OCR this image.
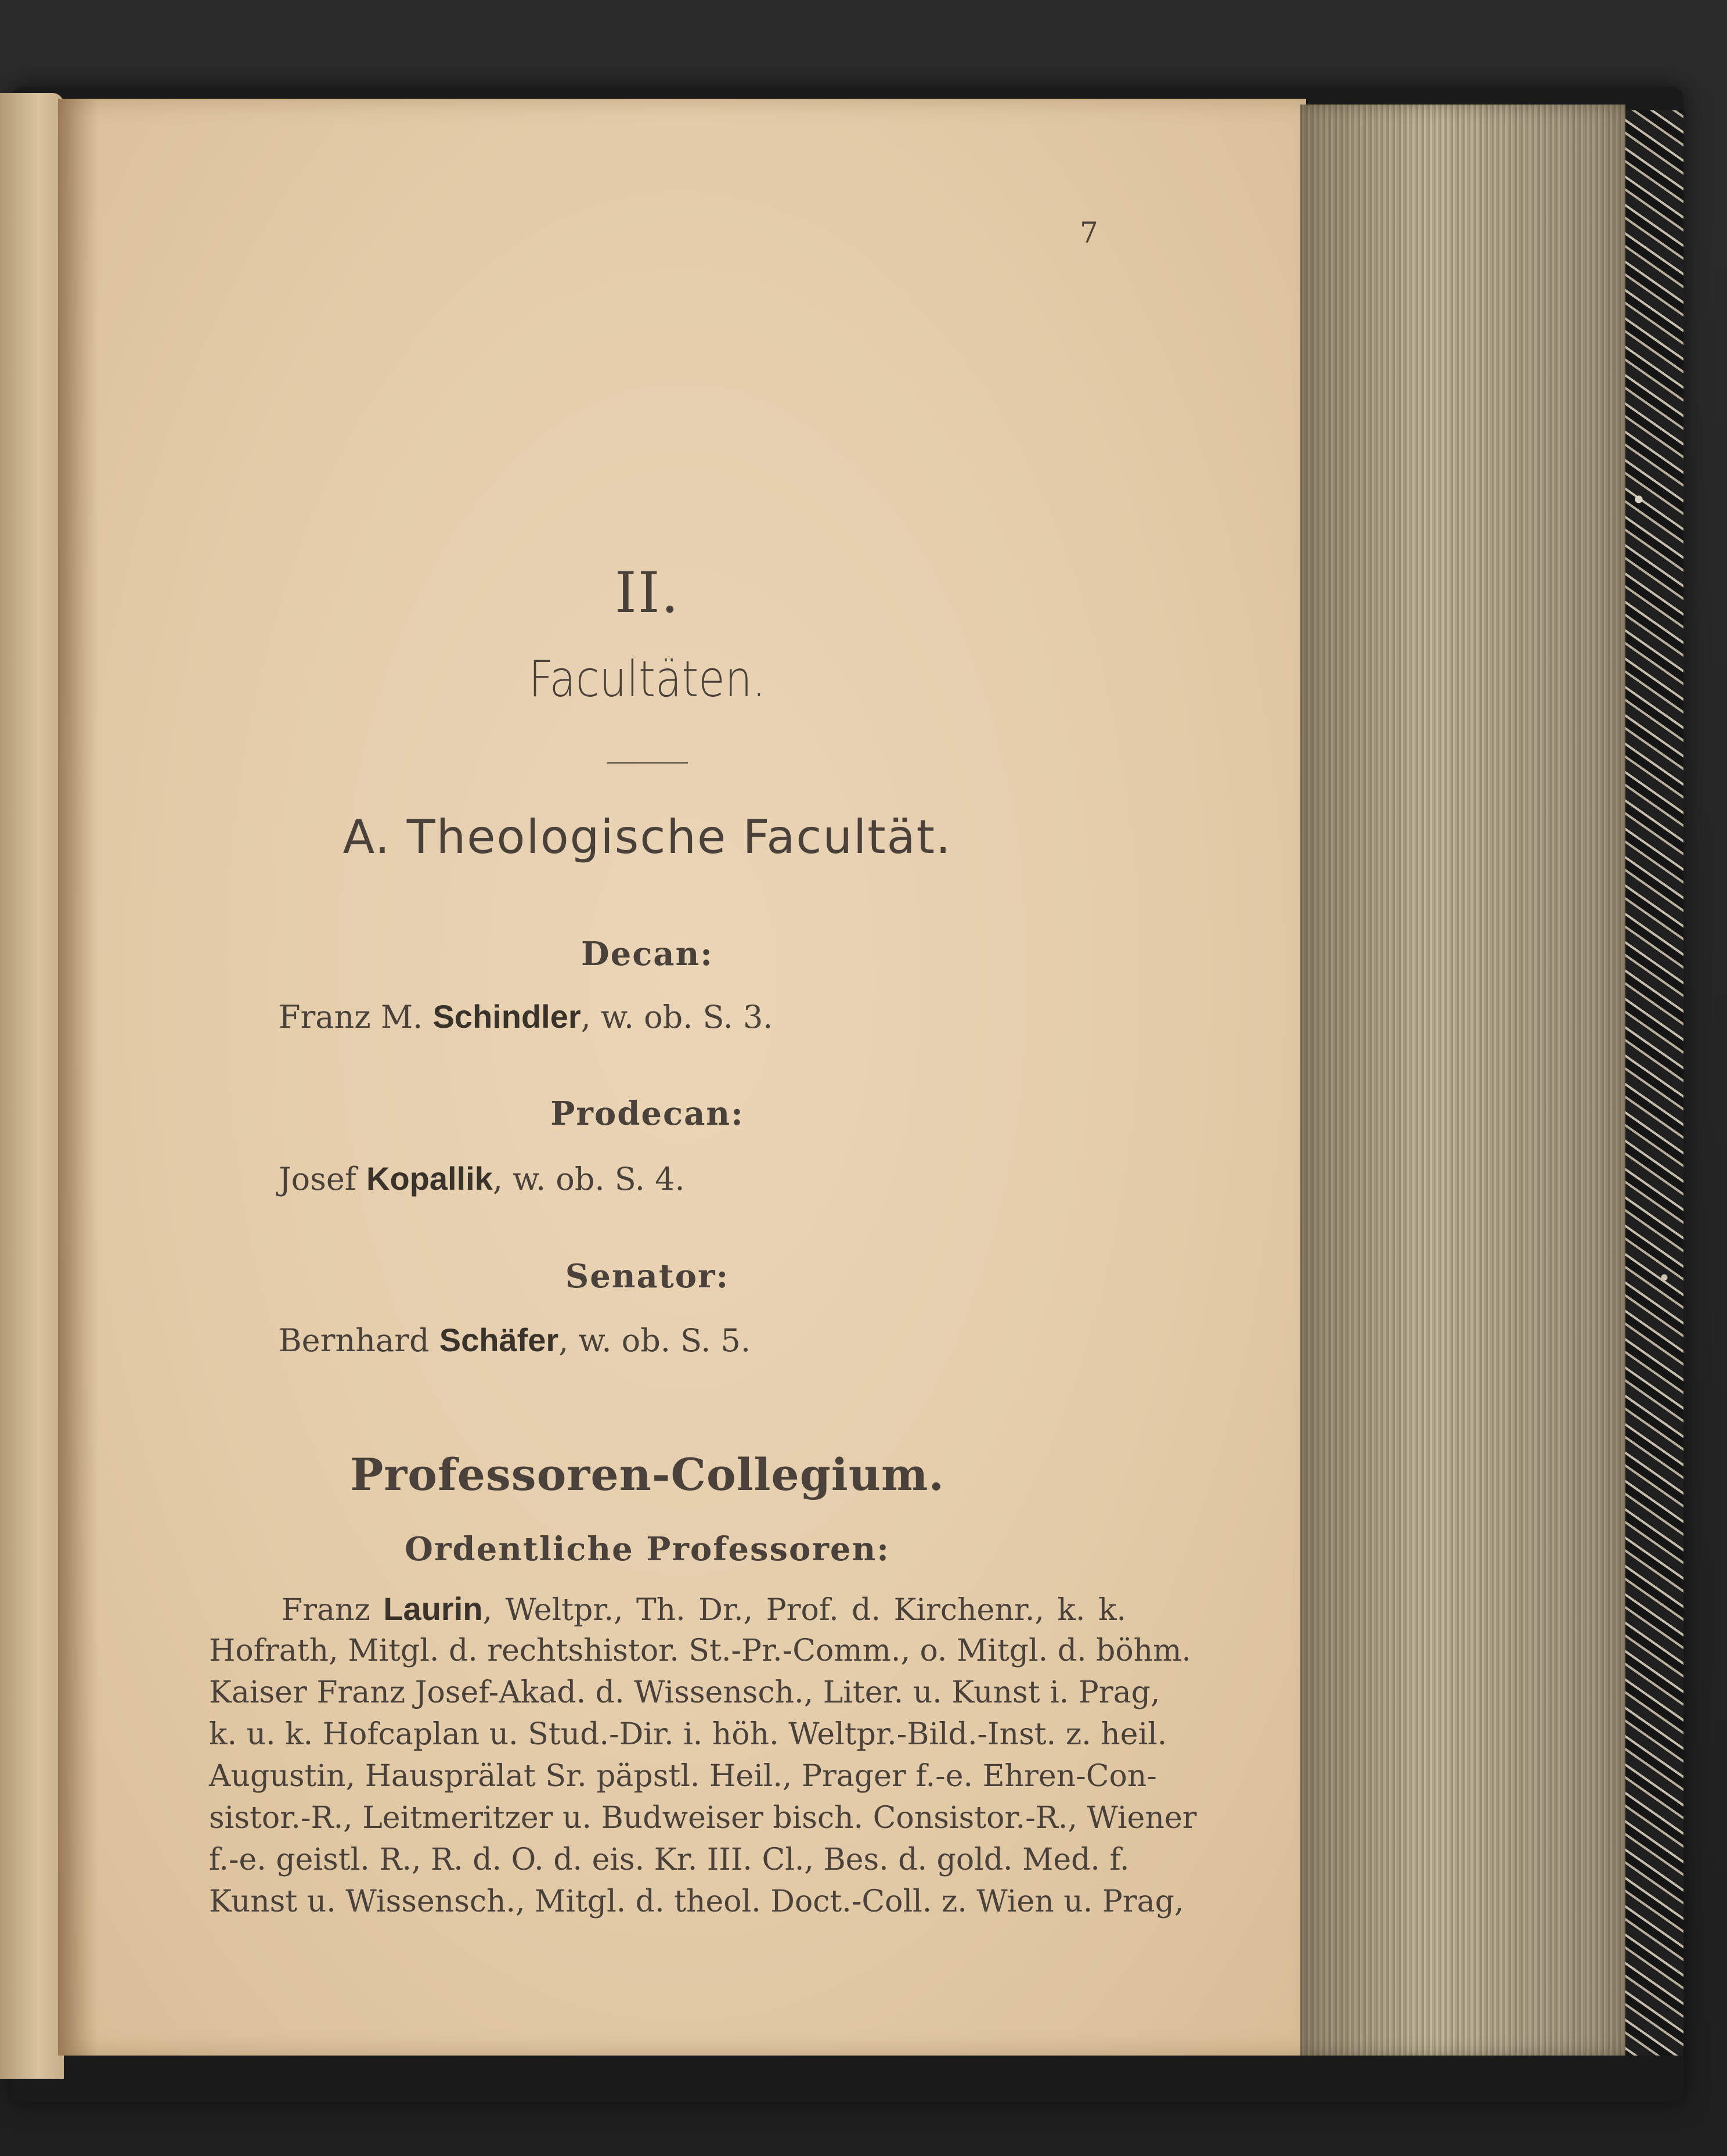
7
II.
Facultäten.
A. Theologische Facultät.
Decan:
Franz M. Schindler, w. ob. S. 3.
Prodecan:
Josef Kopallik, w. ob. S. 4.
Senator:
Bernhard Schäfer, w. ob. S. 5.
Professoren-Collegium.
Ordentliche Professoren:
Franz Laurin, Weltpr., Th. Dr., Prof. d. Kirchenr., k. k.
Hofrath, Mitgl. d. rechtshistor. St.-Pr.-Comm., o. Mitgl. d. böhm.
Kaiser Franz Josef-Akad. d. Wissensch., Liter. u. Kunst i. Prag,
k. u. k. Hofcaplan u. Stud.-Dir. i. höh. Weltpr.-Bild.-Inst. z. heil.
Augustin, Hausprälat Sr. päpstl. Heil., Prager f.-e. Ehren-Con-
sistor.-R., Leitmeritzer u. Budweiser bisch. Consistor.-R., Wiener
f.-e. geistl. R., R. d. O. d. eis. Kr. III. Cl., Bes. d. gold. Med. f.
Kunst u. Wissensch., Mitgl. d. theol. Doct.-Coll. z. Wien u. Prag,
